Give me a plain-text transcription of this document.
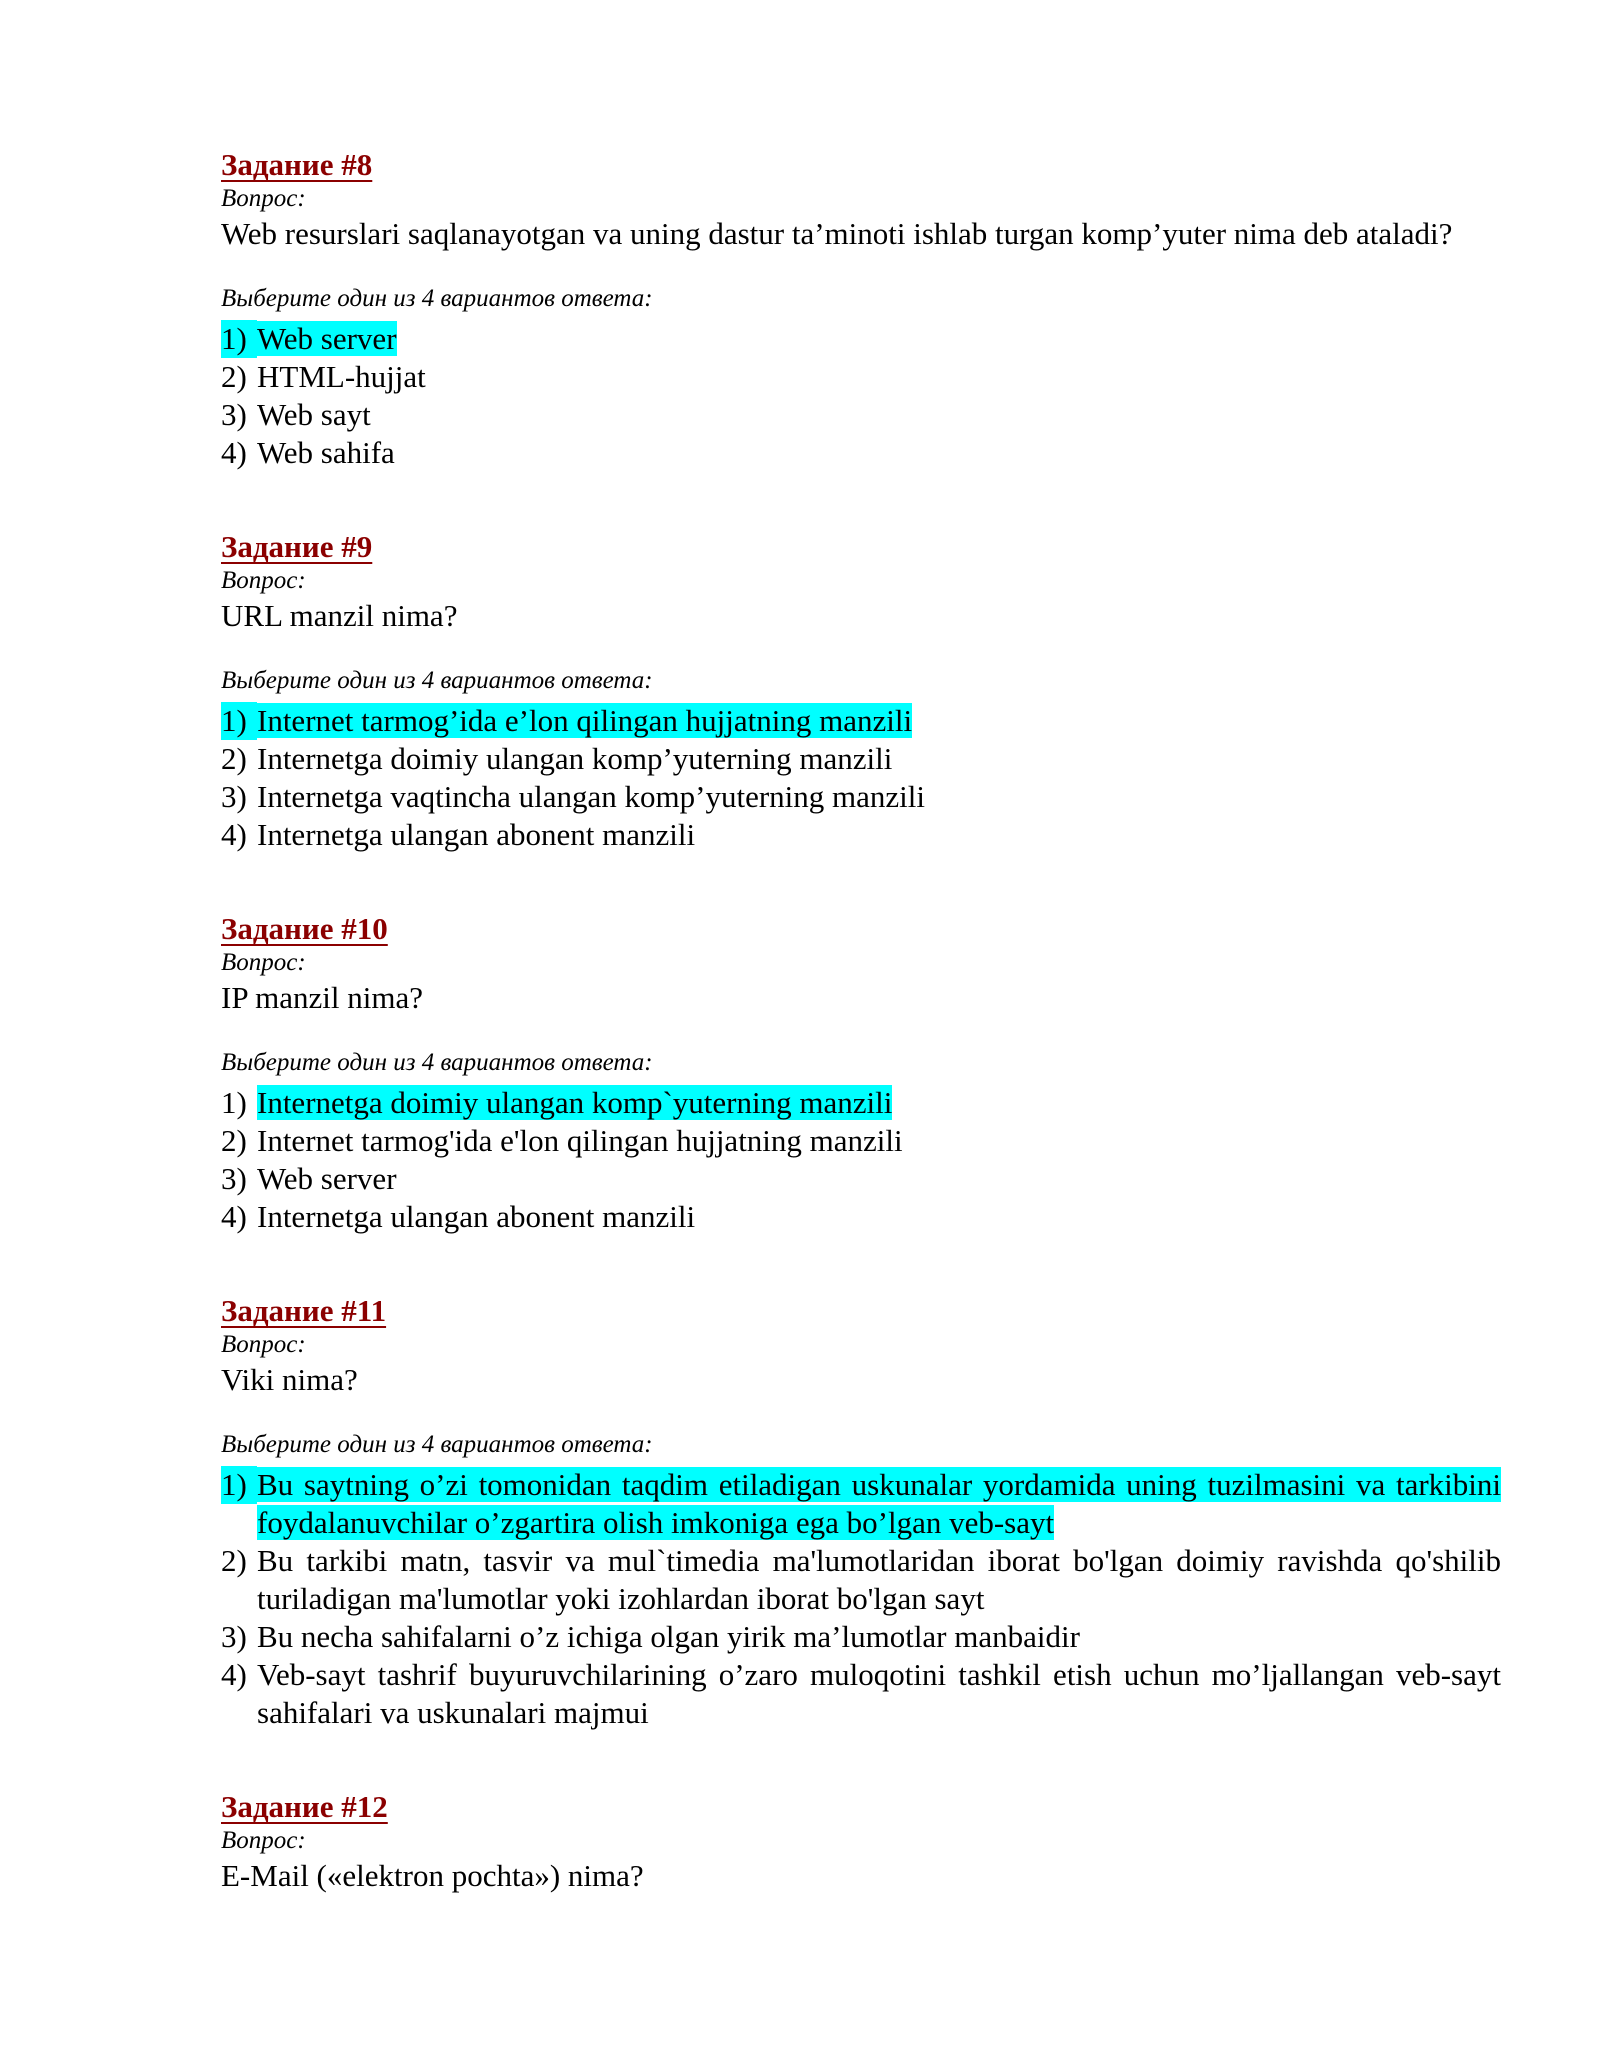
Задание #8
Вопрос:
Web resurslari saqlanayotgan va uning dastur ta’minoti ishlab turgan komp’yuter nima deb ataladi?
Выберите один из 4 вариантов ответа:
1) Web server
2) HTML-hujjat
3) Web sayt
4) Web sahifa
Задание #9
Вопрос:
URL manzil nima?
Выберите один из 4 вариантов ответа:
1) Internet tarmog’ida e’lon qilingan hujjatning manzili
2) Internetga doimiy ulangan komp’yuterning manzili
3) Internetga vaqtincha ulangan komp’yuterning manzili
4) Internetga ulangan abonent manzili
Задание #10
Вопрос:
IP manzil nima?
Выберите один из 4 вариантов ответа:
1) Internetga doimiy ulangan komp`yuterning manzili
2) Internet tarmog'ida e'lon qilingan hujjatning manzili
3) Web server
4) Internetga ulangan abonent manzili
Задание #11
Вопрос:
Viki nima?
Выберите один из 4 вариантов ответа:
1) Bu saytning o’zi tomonidan taqdim etiladigan uskunalar yordamida uning tuzilmasini va tarkibini foydalanuvchilar o’zgartira olish imkoniga ega bo’lgan veb-sayt
2) Bu tarkibi matn, tasvir va mul`timedia ma'lumotlaridan iborat bo'lgan doimiy ravishda qo'shilib turiladigan ma'lumotlar yoki izohlardan iborat bo'lgan sayt
3) Bu necha sahifalarni o’z ichiga olgan yirik ma’lumotlar manbaidir
4) Veb-sayt tashrif buyuruvchilarining o’zaro muloqotini tashkil etish uchun mo’ljallangan veb-sayt sahifalari va uskunalari majmui
Задание #12
Вопрос:
E-Mail («elektron pochta») nima?
